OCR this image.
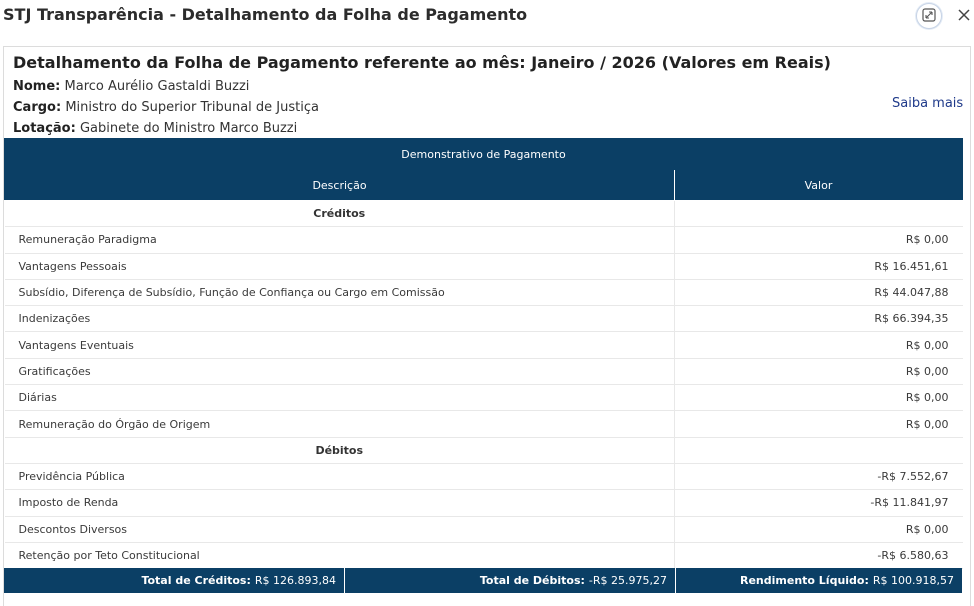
STJ Transparência - Detalhamento da Folha de Pagamento
Detalhamento da Folha de Pagamento referente ao mês: Janeiro / 2026 (Valores em Reais)
Nome: Marco Aurélio Gastaldi Buzzi
Cargo: Ministro do Superior Tribunal de Justiça
Lotação: Gabinete do Ministro Marco Buzzi
Saiba mais
Demonstrativo de Pagamento	
Descrição	Valor
Créditos	
Remuneração Paradigma	R$ 0,00
Vantagens Pessoais	R$ 16.451,61
Subsídio, Diferença de Subsídio, Função de Confiança ou Cargo em Comissão	R$ 44.047,88
Indenizações	R$ 66.394,35
Vantagens Eventuais	R$ 0,00
Gratificações	R$ 0,00
Diárias	R$ 0,00
Remuneração do Órgão de Origem	R$ 0,00
Débitos	
Previdência Pública	-R$ 7.552,67
Imposto de Renda	-R$ 11.841,97
Descontos Diversos	R$ 0,00
Retenção por Teto Constitucional	-R$ 6.580,63
Total de Créditos: R$ 126.893,84	Total de Débitos: -R$ 25.975,27	Rendimento Líquido: R$ 100.918,57
